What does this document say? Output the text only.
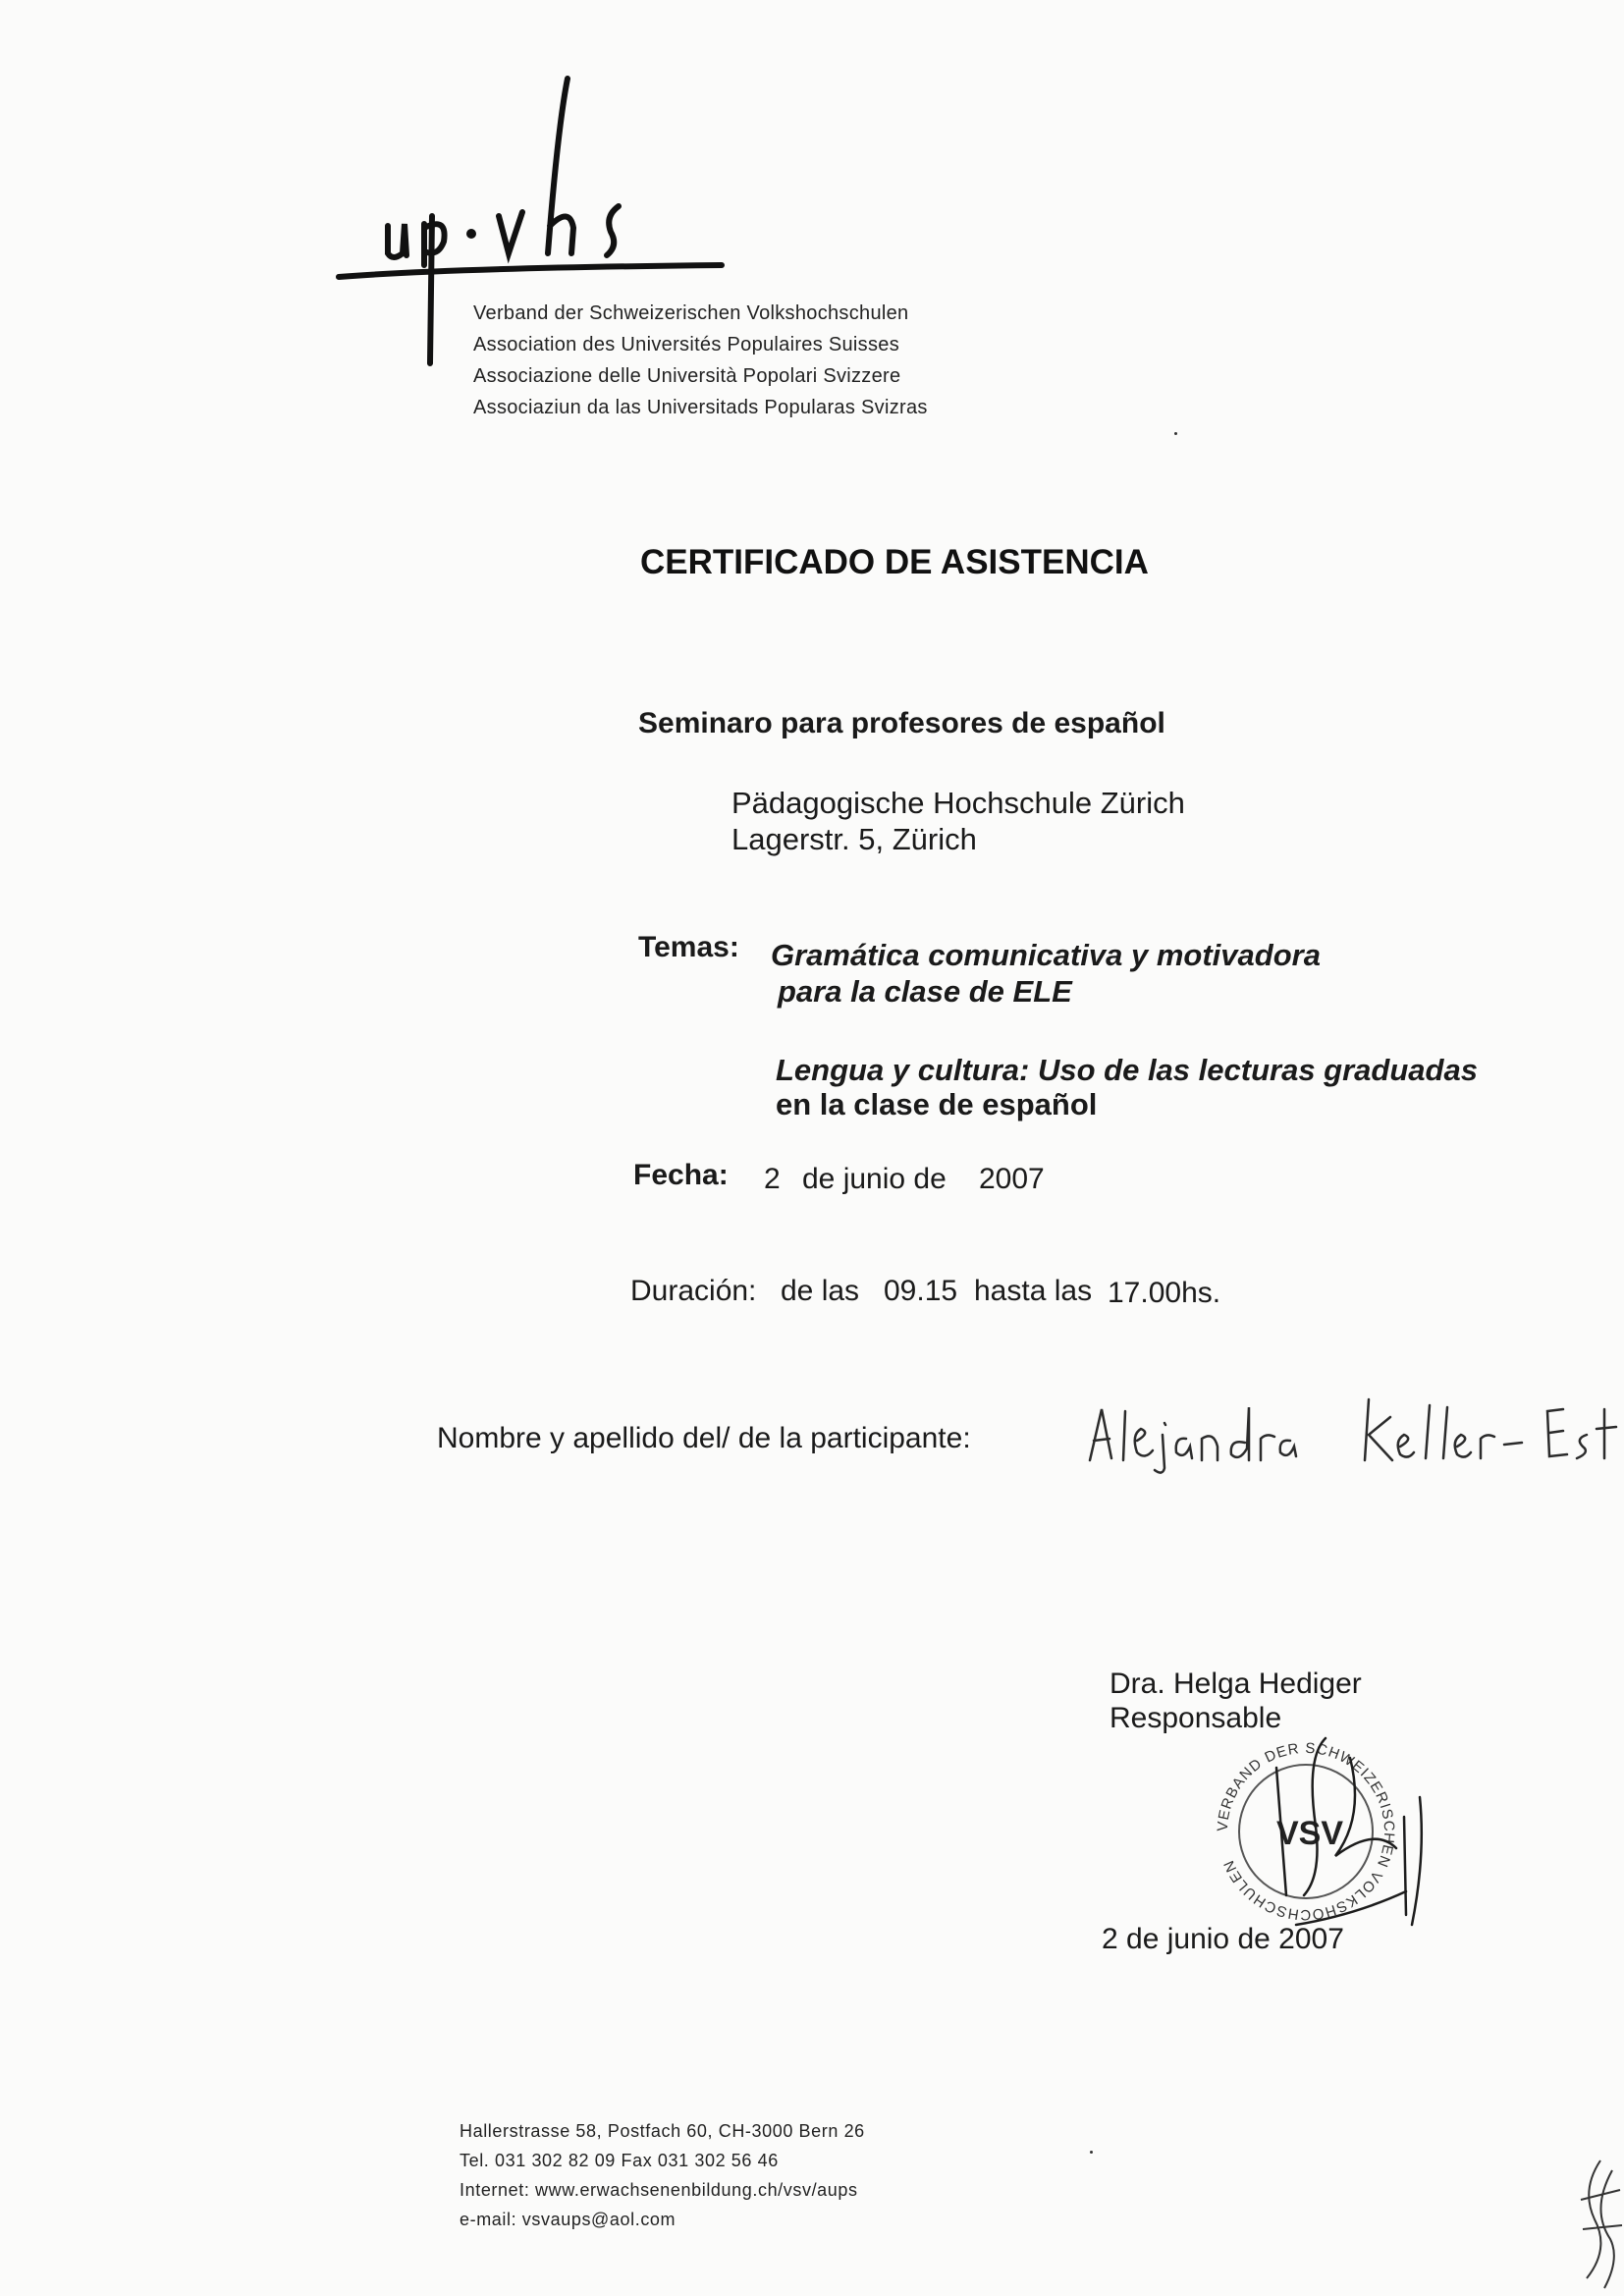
Verband der Schweizerischen Volkshochschulen
Association des Universités Populaires Suisses
Associazione delle Università Popolari Svizzere
Associaziun da las Universitads Popularas Svizras
CERTIFICADO DE ASISTENCIA
Seminaro para profesores de español
Pädagogische Hochschule Zürich
Lagerstr. 5, Zürich
Temas: Gramática comunicativa y motivadora
para la clase de ELE
Lengua y cultura: Uso de las lecturas graduadas
en la clase de español
Fecha: 2 de junio de 2007
Duración: de las 09.15 hasta las 17.00hs.
Nombre y apellido del/ de la participante:
Dra. Helga Hediger
Responsable
VERBAND DER SCHWEIZERISCHEN VOLKSHOCHSCHULEN
VSV
2 de junio de 2007
Hallerstrasse 58, Postfach 60, CH-3000 Bern 26
Tel. 031 302 82 09 Fax 031 302 56 46
Internet: www.erwachsenenbildung.ch/vsv/aups
e-mail: vsvaups@aol.com
